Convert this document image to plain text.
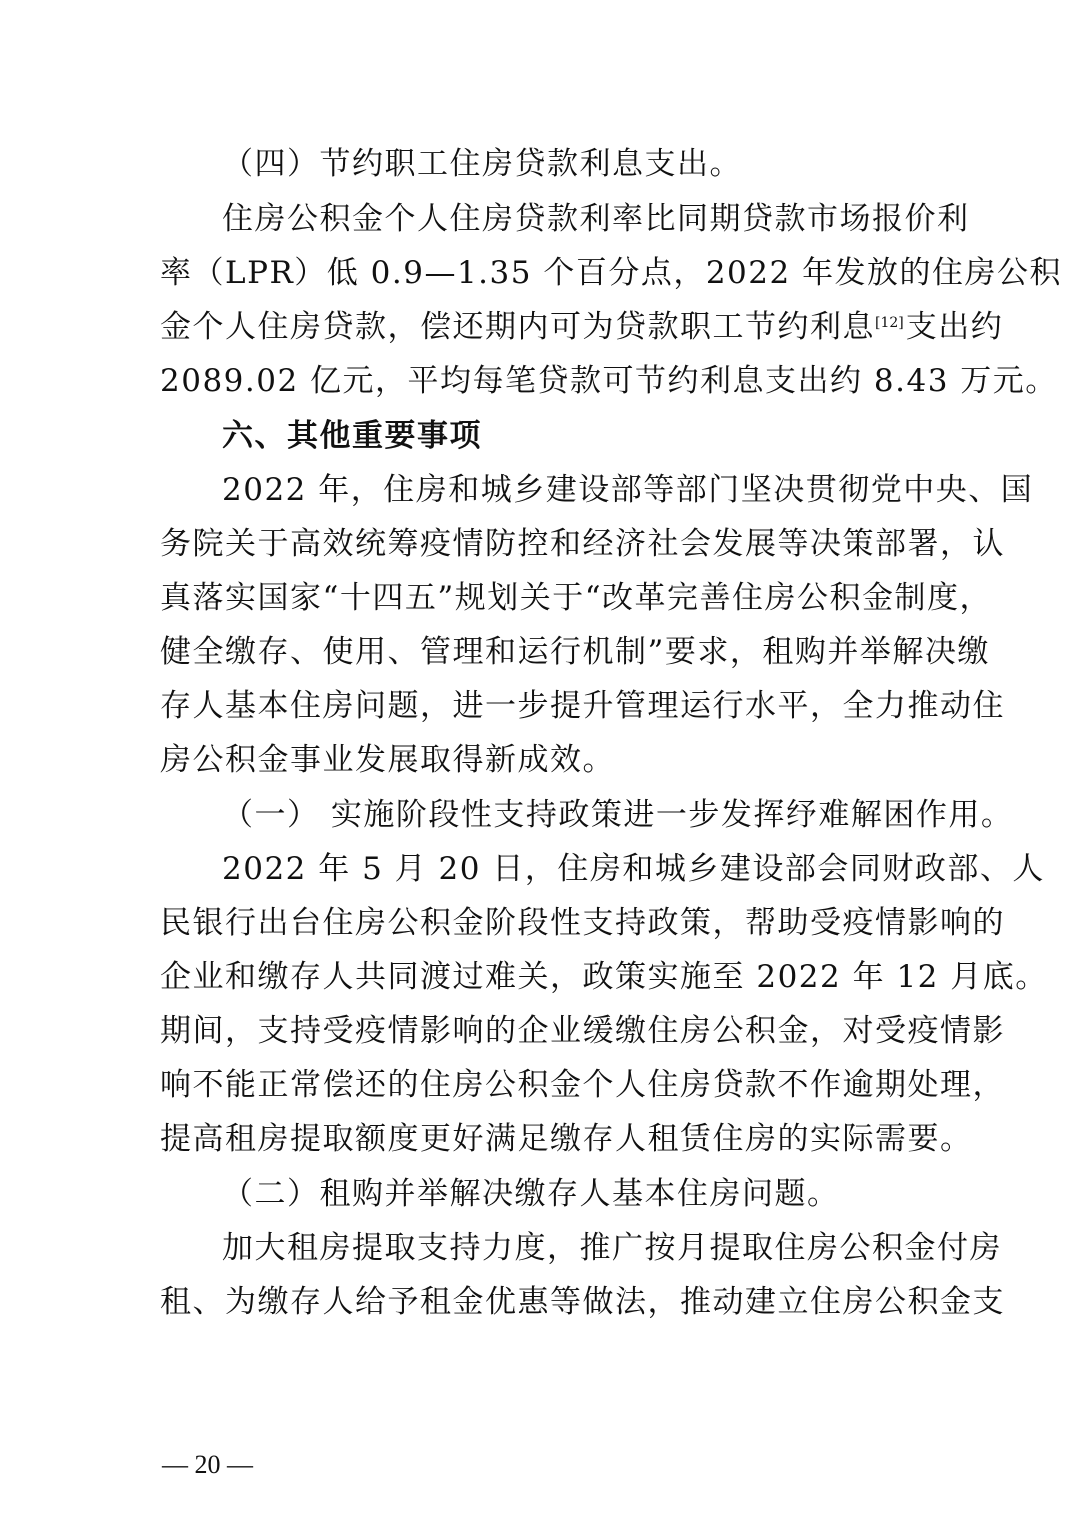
（四）节约职工住房贷款利息支出。
住房公积金个人住房贷款利率比同期贷款市场报价利
率（LPR）低 0.9—1.35 个百分点，2022 年发放的住房公积
金个人住房贷款，偿还期内可为贷款职工节约利息[12]支出约
2089.02 亿元，平均每笔贷款可节约利息支出约 8.43 万元。
六、其他重要事项
2022 年，住房和城乡建设部等部门坚决贯彻党中央、国
务院关于高效统筹疫情防控和经济社会发展等决策部署，认
真落实国家“十四五”规划关于“改革完善住房公积金制度，
健全缴存、使用、管理和运行机制”要求，租购并举解决缴
存人基本住房问题，进一步提升管理运行水平，全力推动住
房公积金事业发展取得新成效。
（一） 实施阶段性支持政策进一步发挥纾难解困作用。
2022 年 5 月 20 日，住房和城乡建设部会同财政部、人
民银行出台住房公积金阶段性支持政策，帮助受疫情影响的
企业和缴存人共同渡过难关，政策实施至 2022 年 12 月底。
期间，支持受疫情影响的企业缓缴住房公积金，对受疫情影
响不能正常偿还的住房公积金个人住房贷款不作逾期处理，
提高租房提取额度更好满足缴存人租赁住房的实际需要。
（二）租购并举解决缴存人基本住房问题。
加大租房提取支持力度，推广按月提取住房公积金付房
租、为缴存人给予租金优惠等做法，推动建立住房公积金支
— 20 —
